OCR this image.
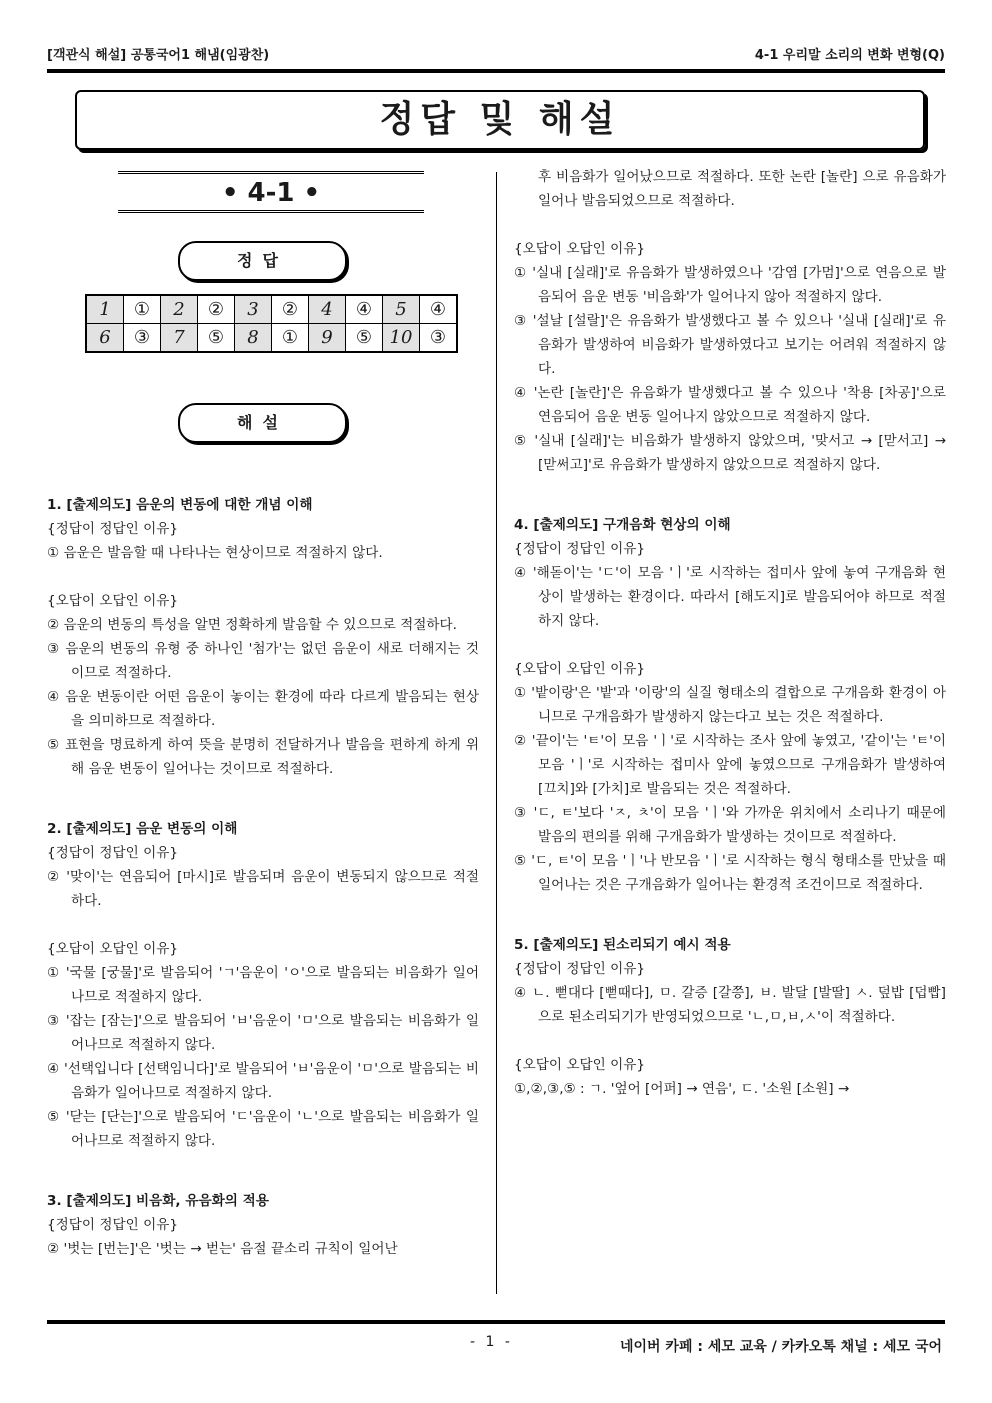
[객관식 해설] 공통국어1 해냄(임광찬)	4-1 우리말 소리의 변화 변형(Q)
정답 및 해설
• 4-1 •
정답
1	①	2	②	3	②	4	④	5	④
6	③	7	⑤	8	①	9	⑤	10	③
해설
1. [출제의도] 음운의 변동에 대한 개념 이해
{정답이 정답인 이유}
① 음운은 발음할 때 나타나는 현상이므로 적절하지 않다.
{오답이 오답인 이유}
② 음운의 변동의 특성을 알면 정확하게 발음할 수 있으므로 적절하다.
③ 음운의 변동의 유형 중 하나인 '첨가'는 없던 음운이 새로 더해지는 것이므로 적절하다.
④ 음운 변동이란 어떤 음운이 놓이는 환경에 따라 다르게 발음되는 현상을 의미하므로 적절하다.
⑤ 표현을 명료하게 하여 뜻을 분명히 전달하거나 발음을 편하게 하게 위해 음운 변동이 일어나는 것이므로 적절하다.
2. [출제의도] 음운 변동의 이해
{정답이 정답인 이유}
② '맞이'는 연음되어 [마시]로 발음되며 음운이 변동되지 않으므로 적절하다.
{오답이 오답인 이유}
① '국물 [궁물]'로 발음되어 'ㄱ'음운이 'ㅇ'으로 발음되는 비음화가 일어나므로 적절하지 않다.
③ '잡는 [잠는]'으로 발음되어 'ㅂ'음운이 'ㅁ'으로 발음되는 비음화가 일어나므로 적절하지 않다.
④ '선택입니다 [선택임니다]'로 발음되어 'ㅂ'음운이 'ㅁ'으로 발음되는 비음화가 일어나므로 적절하지 않다.
⑤ '닫는 [단는]'으로 발음되어 'ㄷ'음운이 'ㄴ'으로 발음되는 비음화가 일어나므로 적절하지 않다.
3. [출제의도] 비음화, 유음화의 적용
{정답이 정답인 이유}
② '벗는 [번는]'은 '벗는 → 벋는' 음절 끝소리 규칙이 일어난
후 비음화가 일어났으므로 적절하다. 또한 논란 [놀란] 으로 유음화가 일어나 발음되었으므로 적절하다.
{오답이 오답인 이유}
① '실내 [실래]'로 유음화가 발생하였으나 '감염 [가멈]'으로 연음으로 발음되어 음운 변동 '비음화'가 일어나지 않아 적절하지 않다.
③ '설날 [설랄]'은 유음화가 발생했다고 볼 수 있으나 '실내 [실래]'로 유음화가 발생하여 비음화가 발생하였다고 보기는 어려워 적절하지 않다.
④ '논란 [놀란]'은 유음화가 발생했다고 볼 수 있으나 '착용 [차공]'으로 연음되어 음운 변동 일어나지 않았으므로 적절하지 않다.
⑤ '실내 [실래]'는 비음화가 발생하지 않았으며, '맞서고 → [맏서고] → [맏써고]'로 유음화가 발생하지 않았으므로 적절하지 않다.
4. [출제의도] 구개음화 현상의 이해
{정답이 정답인 이유}
④ '해돋이'는 'ㄷ'이 모음 'ㅣ'로 시작하는 접미사 앞에 놓여 구개음화 현상이 발생하는 환경이다. 따라서 [해도지]로 발음되어야 하므로 적절하지 않다.
{오답이 오답인 이유}
① '밭이랑'은 '밭'과 '이랑'의 실질 형태소의 결합으로 구개음화 환경이 아니므로 구개음화가 발생하지 않는다고 보는 것은 적절하다.
② '끝이'는 'ㅌ'이 모음 'ㅣ'로 시작하는 조사 앞에 놓였고, '같이'는 'ㅌ'이 모음 'ㅣ'로 시작하는 접미사 앞에 놓였으므로 구개음화가 발생하여 [끄치]와 [가치]로 발음되는 것은 적절하다.
③ 'ㄷ, ㅌ'보다 'ㅈ, ㅊ'이 모음 'ㅣ'와 가까운 위치에서 소리나기 때문에 발음의 편의를 위해 구개음화가 발생하는 것이므로 적절하다.
⑤ 'ㄷ, ㅌ'이 모음 'ㅣ'나 반모음 'ㅣ'로 시작하는 형식 형태소를 만났을 때 일어나는 것은 구개음화가 일어나는 환경적 조건이므로 적절하다.
5. [출제의도] 된소리되기 예시 적용
{정답이 정답인 이유}
④ ㄴ. 뻗대다 [뻗때다], ㅁ. 갈증 [갈쯩], ㅂ. 발달 [발딸] ㅅ. 덮밥 [덥빱]으로 된소리되기가 반영되었으므로 'ㄴ,ㅁ,ㅂ,ㅅ'이 적절하다.
{오답이 오답인 이유}
①,②,③,⑤ : ㄱ. '엎어 [어퍼] → 연음', ㄷ. '소원 [소원] →
- 1 -	네이버 카페 : 세모 교육 / 카카오톡 채널 : 세모 국어
